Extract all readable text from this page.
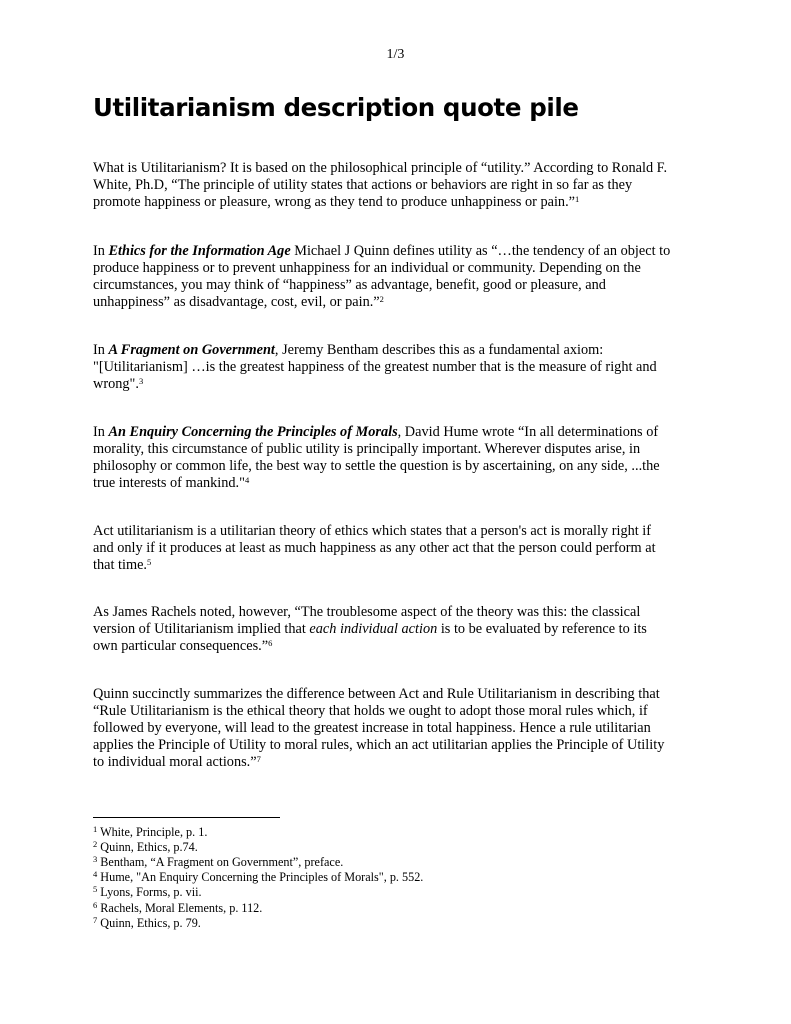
1/3
Utilitarianism description quote pile

What is Utilitarianism? It is based on the philosophical principle of “utility.” According to Ronald F.
White, Ph.D, “The principle of utility states that actions or behaviors are right in so far as they
promote happiness or pleasure, wrong as they tend to produce unhappiness or pain.”$^1$

In Ethics for the Information Age Michael J Quinn defines utility as “…the tendency of an object to
produce happiness or to prevent unhappiness for an individual or community. Depending on the
circumstances, you may think of “happiness” as advantage, benefit, good or pleasure, and
unhappiness” as disadvantage, cost, evil, or pain.”$^2$

In A Fragment on Government, Jeremy Bentham describes this as a fundamental axiom:
"[Utilitarianism] …is the greatest happiness of the greatest number that is the measure of right and
wrong".$^3$

In An Enquiry Concerning the Principles of Morals, David Hume wrote “In all determinations of
morality, this circumstance of public utility is principally important. Wherever disputes arise, in
philosophy or common life, the best way to settle the question is by ascertaining, on any side, ...the
true interests of mankind."$^4$

Act utilitarianism is a utilitarian theory of ethics which states that a person's act is morally right if
and only if it produces at least as much happiness as any other act that the person could perform at
that time.$^5$

As James Rachels noted, however, “The troublesome aspect of the theory was this: the classical
version of Utilitarianism implied that each individual action is to be evaluated by reference to its
own particular consequences.”$^6$

Quinn succinctly summarizes the difference between Act and Rule Utilitarianism in describing that
“Rule Utilitarianism is the ethical theory that holds we ought to adopt those moral rules which, if
followed by everyone, will lead to the greatest increase in total happiness. Hence a rule utilitarian
applies the Principle of Utility to moral rules, which an act utilitarian applies the Principle of Utility
to individual moral actions.”$^7$

$^1$ White, Principle, p. 1.

$^2$ Quinn, Ethics, p.74.

$^3$ Bentham, “A Fragment on Government”, preface.

$^4$ Hume, "An Enquiry Concerning the Principles of Morals", p. 552.

$^5$ Lyons, Forms, p. vii.

$^6$ Rachels, Moral Elements, p. 112.

$^7$ Quinn, Ethics, p. 79.
